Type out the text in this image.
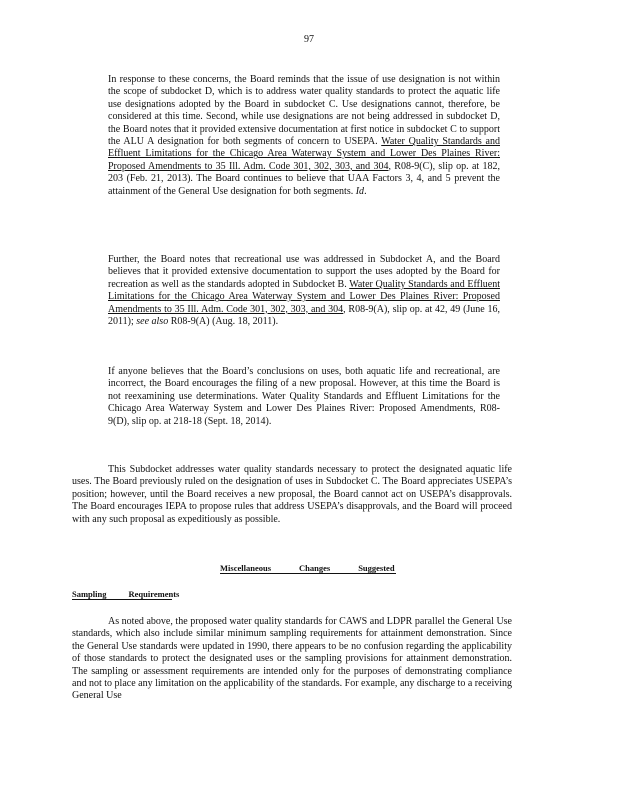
97

In response to these concerns, the Board reminds that the issue of use designation is not within the scope of subdocket D, which is to address water quality standards to protect the aquatic life use designations adopted by the Board in subdocket C. Use designations cannot, therefore, be considered at this time. Second, while use designations are not being addressed in subdocket D, the Board notes that it provided extensive documentation at first notice in subdocket C to support the ALU A designation for both segments of concern to USEPA. Water Quality Standards and Effluent Limitations for the Chicago Area Waterway System and Lower Des Plaines River: Proposed Amendments to 35 Ill. Adm. Code 301, 302, 303, and 304, R08-9(C), slip op. at 182, 203 (Feb. 21, 2013). The Board continues to believe that UAA Factors 3, 4, and 5 prevent the attainment of the General Use designation for both segments. Id.

Further, the Board notes that recreational use was addressed in Subdocket A, and the Board believes that it provided extensive documentation to support the uses adopted by the Board for recreation as well as the standards adopted in Subdocket B. Water Quality Standards and Effluent Limitations for the Chicago Area Waterway System and Lower Des Plaines River: Proposed Amendments to 35 Ill. Adm. Code 301, 302, 303, and 304, R08-9(A), slip op. at 42, 49 (June 16, 2011); see also R08-9(A) (Aug. 18, 2011).

If anyone believes that the Board’s conclusions on uses, both aquatic life and recreational, are incorrect, the Board encourages the filing of a new proposal. However, at this time the Board is not reexamining use determinations. Water Quality Standards and Effluent Limitations for the Chicago Area Waterway System and Lower Des Plaines River: Proposed Amendments, R08-9(D), slip op. at 218-18 (Sept. 18, 2014).

This Subdocket addresses water quality standards necessary to protect the designated aquatic life uses. The Board previously ruled on the designation of uses in Subdocket C. The Board appreciates USEPA’s position; however, until the Board receives a new proposal, the Board cannot act on USEPA’s disapprovals. The Board encourages IEPA to propose rules that address USEPA’s disapprovals, and the Board will proceed with any such proposal as expeditiously as possible.
Miscellaneous	Changes	Suggested
Sampling	Requirements
As noted above, the proposed water quality standards for CAWS and LDPR parallel the General Use standards, which also include similar minimum sampling requirements for attainment demonstration. Since the General Use standards were updated in 1990, there appears to be no confusion regarding the applicability of those standards to protect the designated uses or the sampling provisions for attainment demonstration. The sampling or assessment requirements are intended only for the purposes of demonstrating compliance and not to place any limitation on the applicability of the standards. For example, any discharge to a receiving General Use
